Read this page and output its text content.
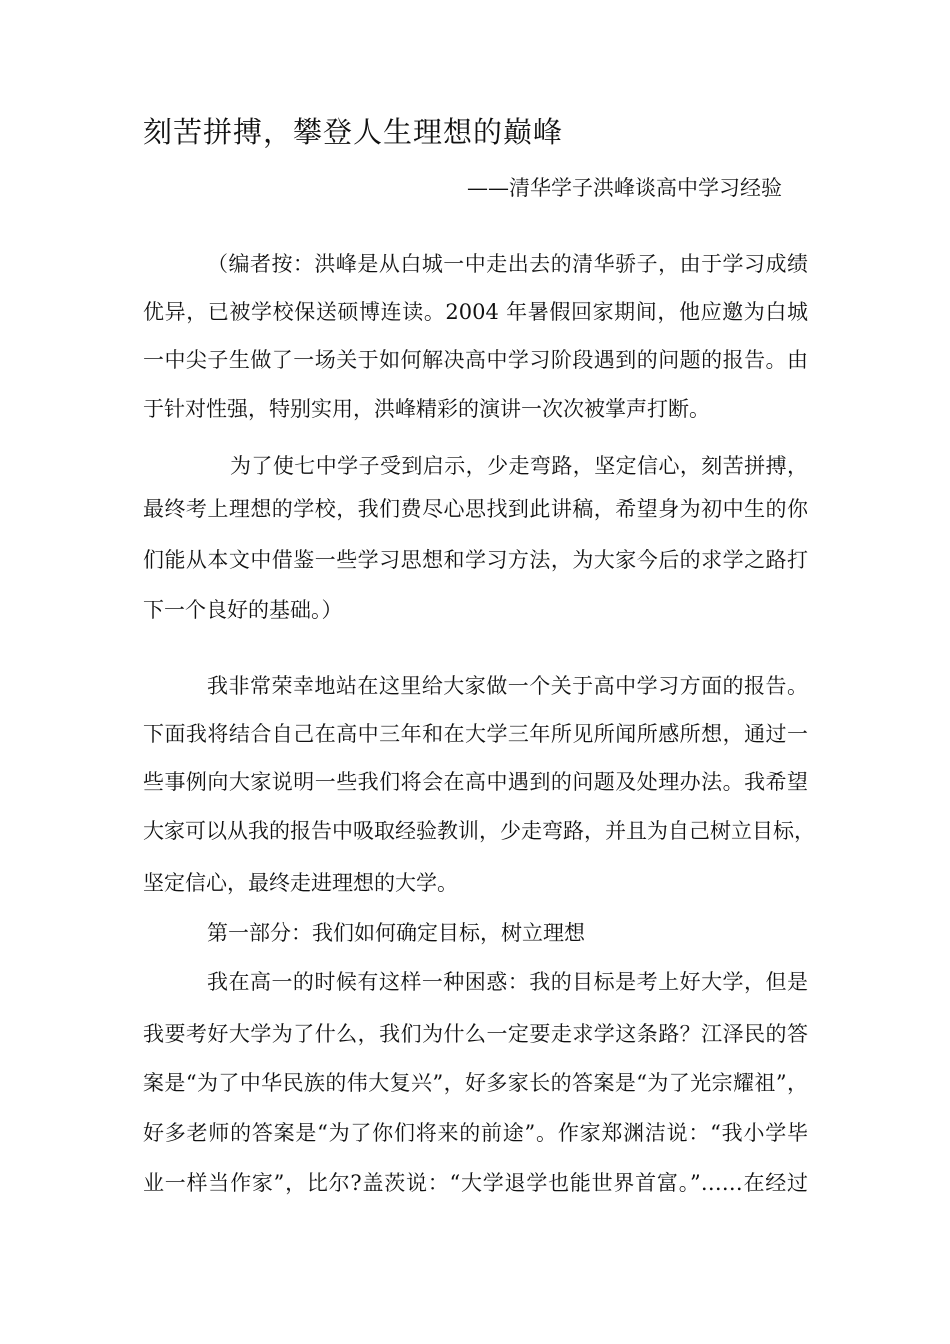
刻苦拼搏，攀登人生理想的巅峰
——清华学子洪峰谈高中学习经验
（编者按：洪峰是从白城一中走出去的清华骄子，由于学习成绩
优异，已被学校保送硕博连读。2004 年暑假回家期间，他应邀为白城
一中尖子生做了一场关于如何解决高中学习阶段遇到的问题的报告。由
于针对性强，特别实用，洪峰精彩的演讲一次次被掌声打断。
为了使七中学子受到启示，少走弯路，坚定信心，刻苦拼搏，
最终考上理想的学校，我们费尽心思找到此讲稿，希望身为初中生的你
们能从本文中借鉴一些学习思想和学习方法，为大家今后的求学之路打
下一个良好的基础。）
我非常荣幸地站在这里给大家做一个关于高中学习方面的报告。
下面我将结合自己在高中三年和在大学三年所见所闻所感所想，通过一
些事例向大家说明一些我们将会在高中遇到的问题及处理办法。我希望
大家可以从我的报告中吸取经验教训，少走弯路，并且为自己树立目标，
坚定信心，最终走进理想的大学。
第一部分：我们如何确定目标，树立理想
我在高一的时候有这样一种困惑：我的目标是考上好大学，但是
我要考好大学为了什么，我们为什么一定要走求学这条路？江泽民的答
案是“为了中华民族的伟大复兴”，好多家长的答案是“为了光宗耀祖”，
好多老师的答案是“为了你们将来的前途”。作家郑渊洁说：“我小学毕
业一样当作家”，比尔?盖茨说：“大学退学也能世界首富。”……在经过
